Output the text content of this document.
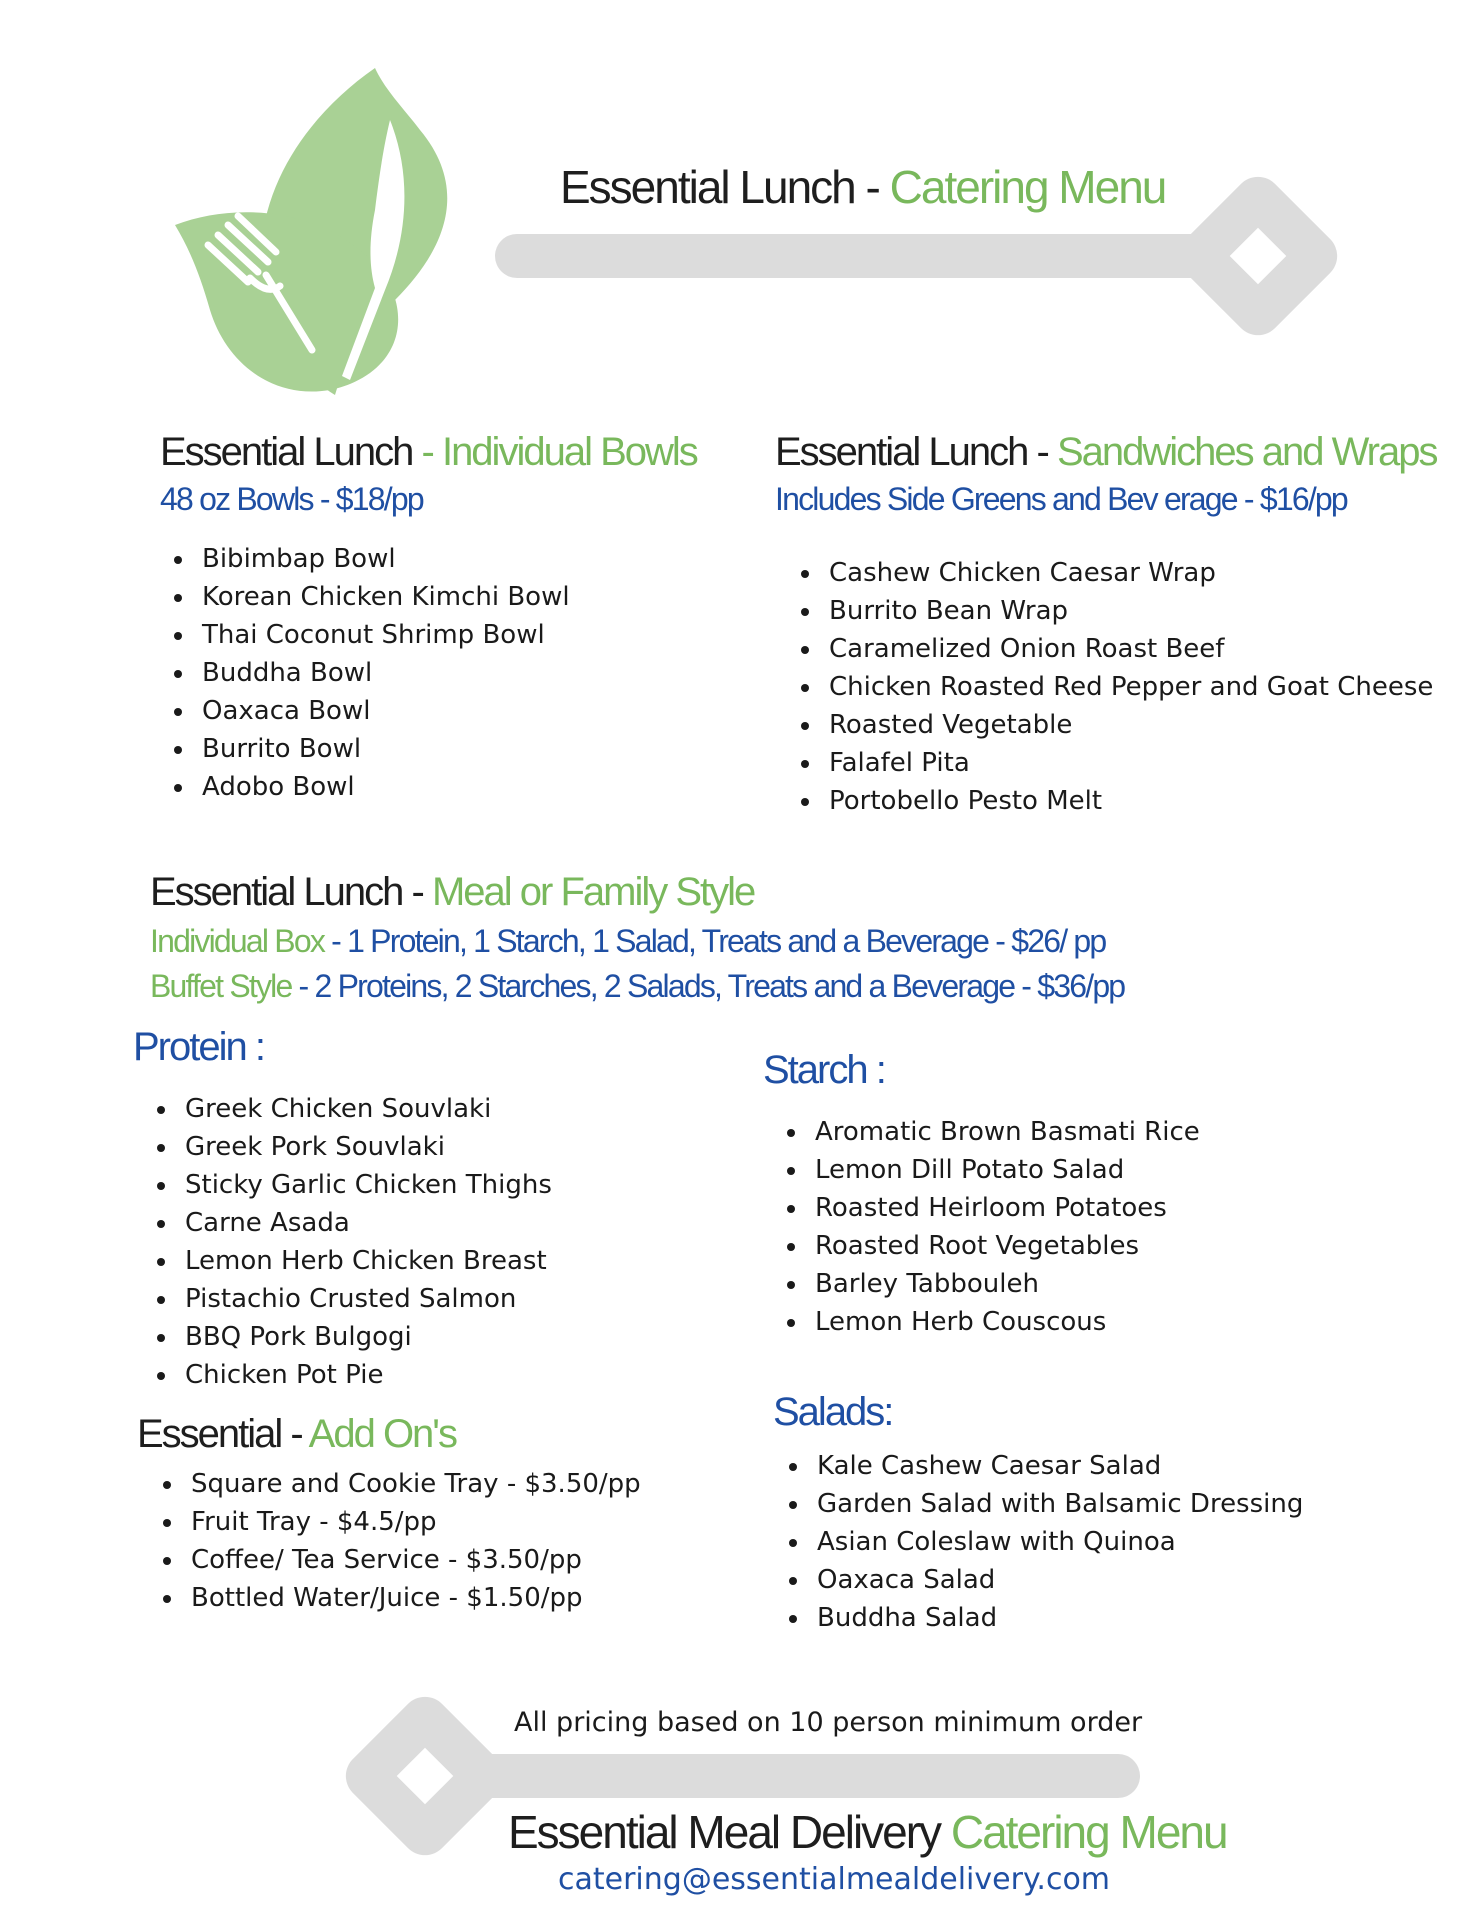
Essential Lunch - Catering Menu
Essential Lunch - Individual Bowls
48 oz Bowls - $18/pp
• Bibimbap Bowl
• Korean Chicken Kimchi Bowl
• Thai Coconut Shrimp Bowl
• Buddha Bowl
• Oaxaca Bowl
• Burrito Bowl
• Adobo Bowl
Essential Lunch - Sandwiches and Wraps
Includes Side Greens and Bev erage - $16/pp
• Cashew Chicken Caesar Wrap
• Burrito Bean Wrap
• Caramelized Onion Roast Beef
• Chicken Roasted Red Pepper and Goat Cheese
• Roasted Vegetable
• Falafel Pita
• Portobello Pesto Melt
Essential Lunch - Meal or Family Style
Individual Box - 1 Protein, 1 Starch, 1 Salad, Treats and a Beverage - $26/ pp
Buffet Style - 2 Proteins, 2 Starches, 2 Salads, Treats and a Beverage - $36/pp
Protein :
• Greek Chicken Souvlaki
• Greek Pork Souvlaki
• Sticky Garlic Chicken Thighs
• Carne Asada
• Lemon Herb Chicken Breast
• Pistachio Crusted Salmon
• BBQ Pork Bulgogi
• Chicken Pot Pie
Starch :
• Aromatic Brown Basmati Rice
• Lemon Dill Potato Salad
• Roasted Heirloom Potatoes
• Roasted Root Vegetables
• Barley Tabbouleh
• Lemon Herb Couscous
Essential - Add On's
• Square and Cookie Tray - $3.50/pp
• Fruit Tray - $4.5/pp
• Coffee/ Tea Service - $3.50/pp
• Bottled Water/Juice - $1.50/pp
Salads:
• Kale Cashew Caesar Salad
• Garden Salad with Balsamic Dressing
• Asian Coleslaw with Quinoa
• Oaxaca Salad
• Buddha Salad
All pricing based on 10 person minimum order
Essential Meal Delivery Catering Menu
catering@essentialmealdelivery.com
